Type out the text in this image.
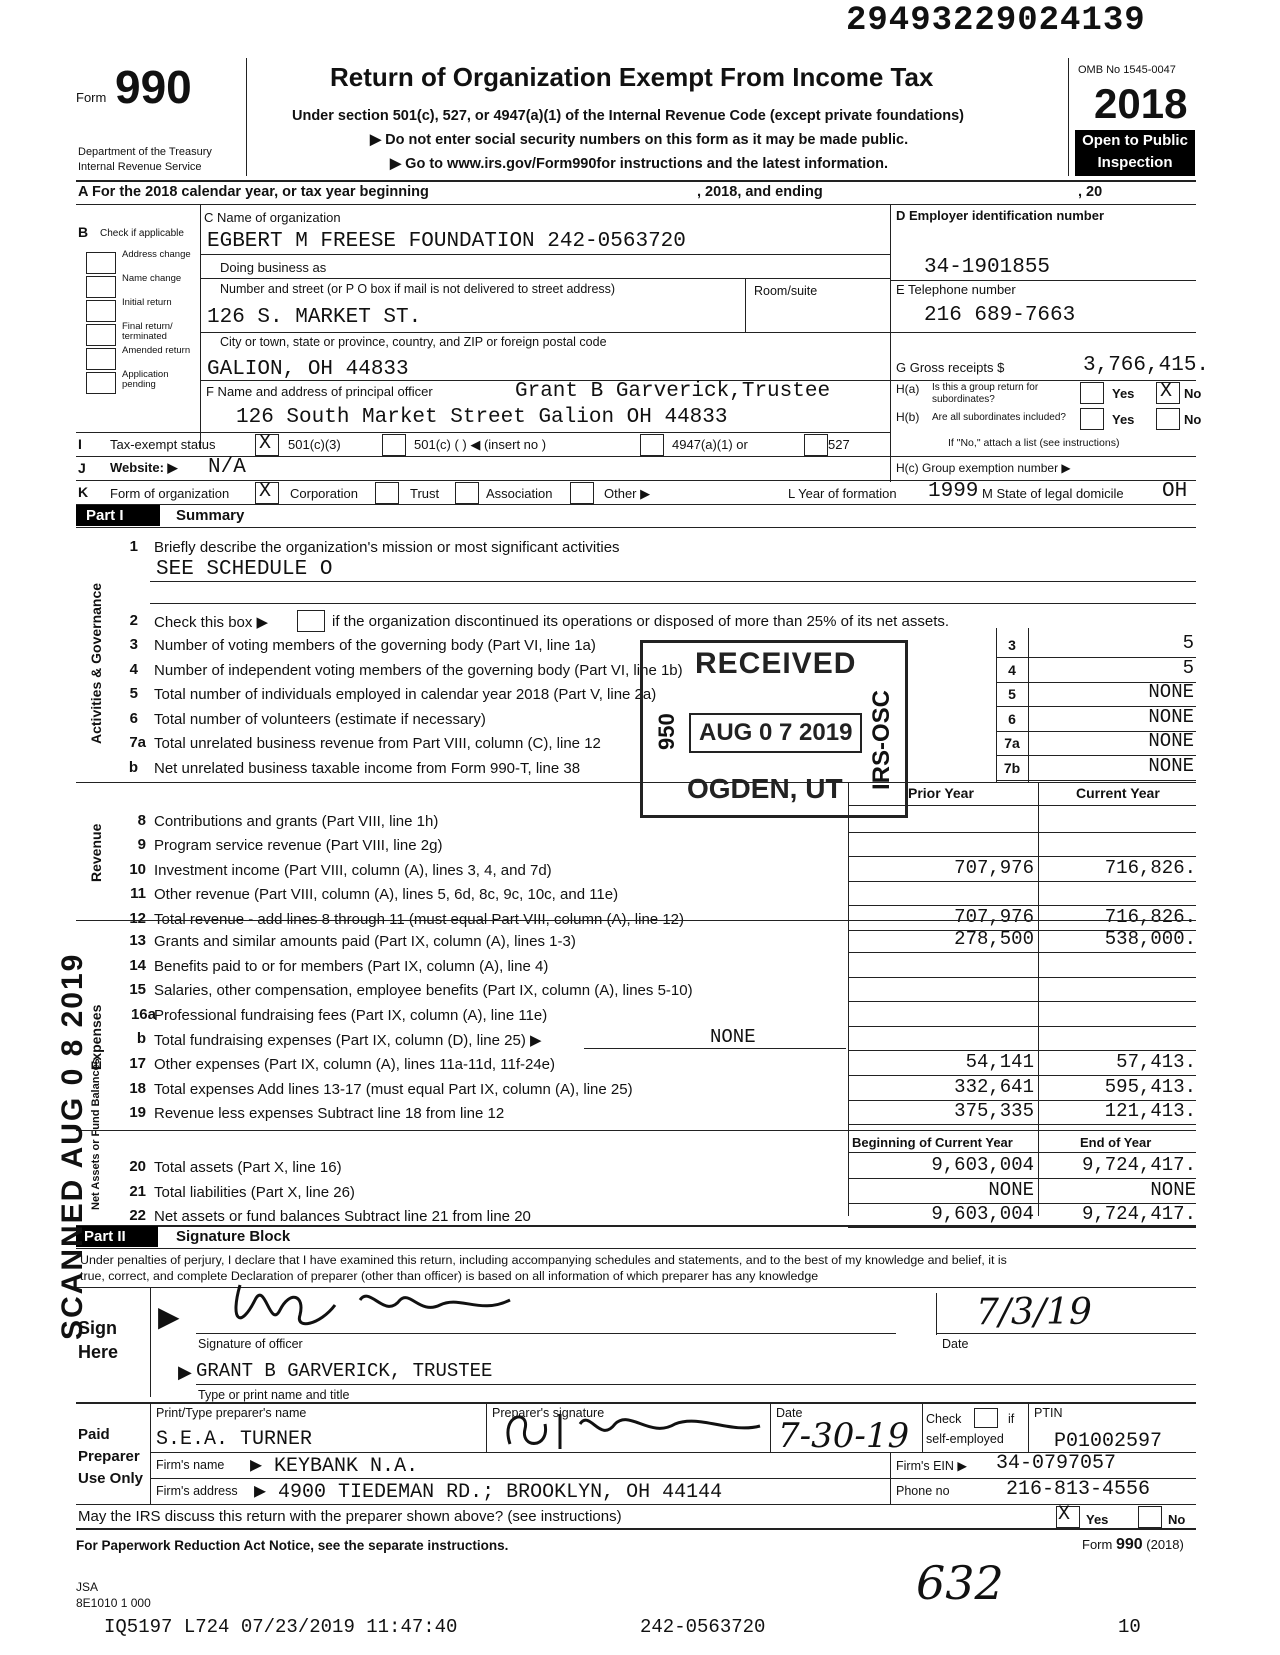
29493229024139
Form 990
Department of the Treasury
Internal Revenue Service
Return of Organization Exempt From Income Tax
Under section 501(c), 527, or 4947(a)(1) of the Internal Revenue Code (except private foundations)
▶ Do not enter social security numbers on this form as it may be made public.
▶ Go to www.irs.gov/Form990for instructions and the latest information.
OMB No 1545-0047
2018
Open to Public
Inspection
A For the 2018 calendar year, or tax year beginning	, 2018, and ending	, 20
B Check if applicable
Address change
Name change
Initial return
Final return/ terminated
Amended return
Application pending
C Name of organization
EGBERT M FREESE FOUNDATION 242-0563720
Doing business as
Number and street (or P O box if mail is not delivered to street address)	Room/suite
126 S. MARKET ST.
City or town, state or province, country, and ZIP or foreign postal code
GALION, OH 44833
F Name and address of principal officer	Grant B Garverick,Trustee
126 South Market Street Galion OH 44833
D Employer identification number
34-1901855
E Telephone number
216 689-7663
G Gross receipts $	3,766,415.
H(a) Is this a group return for
subordinates?	Yes X No
H(b) Are all subordinates included?	Yes	No
If "No," attach a list (see instructions)
I Tax-exempt status X 501(c)(3)	501(c) ( ) ◀ (insert no )	4947(a)(1) or	527
J Website: ▶ N/A	H(c) Group exemption number ▶
K Form of organization X Corporation	Trust	Association	Other ▶	L Year of formation 1999 M State of legal domicile OH
Part I	Summary
Activities & Governance
Revenue
Expenses
Net Assets or Fund Balances
1 Briefly describe the organization's mission or most significant activities
SEE SCHEDULE O
2 Check this box ▶	if the organization discontinued its operations or disposed of more than 25% of its net assets.
3 Number of voting members of the governing body (Part VI, line 1a)	3	5
4 Number of independent voting members of the governing body (Part VI, line 1b)	4	5
5 Total number of individuals employed in calendar year 2018 (Part V, line 2a)	5	NONE
6 Total number of volunteers (estimate if necessary)	6	NONE
7a Total unrelated business revenue from Part VIII, column (C), line 12	7a	NONE
b Net unrelated business taxable income from Form 990-T, line 38	7b	NONE
Prior Year	Current Year
8 Contributions and grants (Part VIII, line 1h)
9 Program service revenue (Part VIII, line 2g)
10 Investment income (Part VIII, column (A), lines 3, 4, and 7d)	707,976	716,826.
11 Other revenue (Part VIII, column (A), lines 5, 6d, 8c, 9c, 10c, and 11e)
12 Total revenue - add lines 8 through 11 (must equal Part VIII, column (A), line 12)	707,976	716,826.
13 Grants and similar amounts paid (Part IX, column (A), lines 1-3)	278,500	538,000.
14 Benefits paid to or for members (Part IX, column (A), line 4)
15 Salaries, other compensation, employee benefits (Part IX, column (A), lines 5-10)
16a
Professional fundraising fees (Part IX, column (A), line 11e)
b Total fundraising expenses (Part IX, column (D), line 25) ▶	NONE
17 Other expenses (Part IX, column (A), lines 11a-11d, 11f-24e)	54,141	57,413.
18 Total expenses Add lines 13-17 (must equal Part IX, column (A), line 25)	332,641	595,413.
19 Revenue less expenses Subtract line 18 from line 12	375,335	121,413.
Beginning of Current Year	End of Year
20 Total assets (Part X, line 16)	9,603,004	9,724,417.
21 Total liabilities (Part X, line 26)	NONE	NONE
22 Net assets or fund balances Subtract line 21 from line 20	9,603,004	9,724,417.
Part II	Signature Block
Under penalties of perjury, I declare that I have examined this return, including accompanying schedules and statements, and to the best of my knowledge and belief, it is
true, correct, and complete Declaration of preparer (other than officer) is based on all information of which preparer has any knowledge
Sign
Here
▶
Signature of officer
7/3/19
Date
▶ GRANT B GARVERICK, TRUSTEE
Type or print name and title
Paid
Preparer
Use Only
Print/Type preparer's name	Preparer's signature	Date	Check	if
self-employed
PTIN
S.E.A. TURNER	7-30-19	P01002597
Firm's name ▶ KEYBANK N.A.	Firm's EIN ▶ 34-0797057
Firm's address ▶ 4900 TIEDEMAN RD.; BROOKLYN, OH 44144	Phone no	216-813-4556
May the IRS discuss this return with the preparer shown above? (see instructions)	X Yes	No
For Paperwork Reduction Act Notice, see the separate instructions.	Form 990 (2018)
632
JSA
8E1010 1 000
IQ5197 L724 07/23/2019 11:47:40	242-0563720	10
RECEIVED
AUG 0 7 2019
OGDEN, UT IRS-OSC
950
SCANNED AUG 0 8 2019
